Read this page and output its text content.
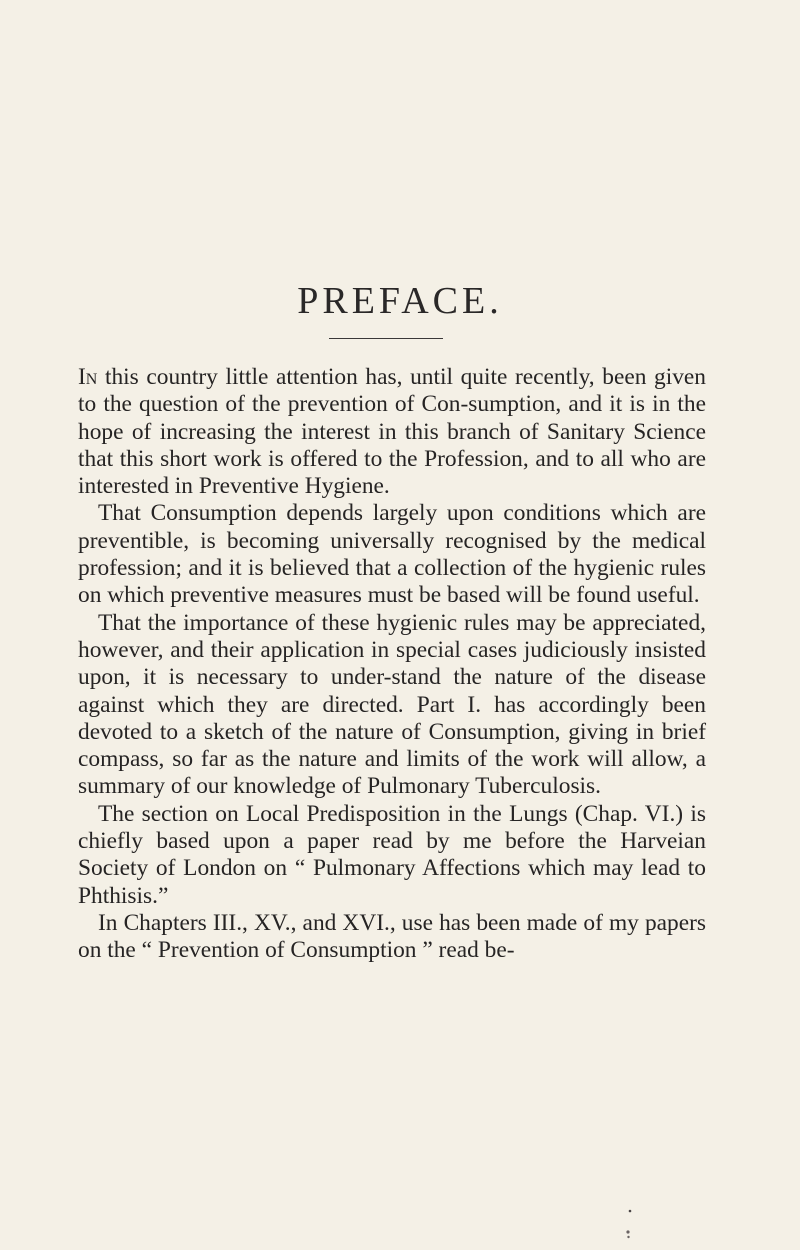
PREFACE.

In this country little attention has, until quite recently, been given to the question of the prevention of Con-sumption, and it is in the hope of increasing the interest in this branch of Sanitary Science that this short work is offered to the Profession, and to all who are interested in Preventive Hygiene.

That Consumption depends largely upon conditions which are preventible, is becoming universally recognised by the medical profession; and it is believed that a collection of the hygienic rules on which preventive measures must be based will be found useful.

That the importance of these hygienic rules may be appreciated, however, and their application in special cases judiciously insisted upon, it is necessary to under-stand the nature of the disease against which they are directed. Part I. has accordingly been devoted to a sketch of the nature of Consumption, giving in brief compass, so far as the nature and limits of the work will allow, a summary of our knowledge of Pulmonary Tuberculosis.

The section on Local Predisposition in the Lungs (Chap. VI.) is chiefly based upon a paper read by me before the Harveian Society of London on “ Pulmonary Affections which may lead to Phthisis.”

In Chapters III., XV., and XVI., use has been made of my papers on the “ Prevention of Consumption ” read be-
